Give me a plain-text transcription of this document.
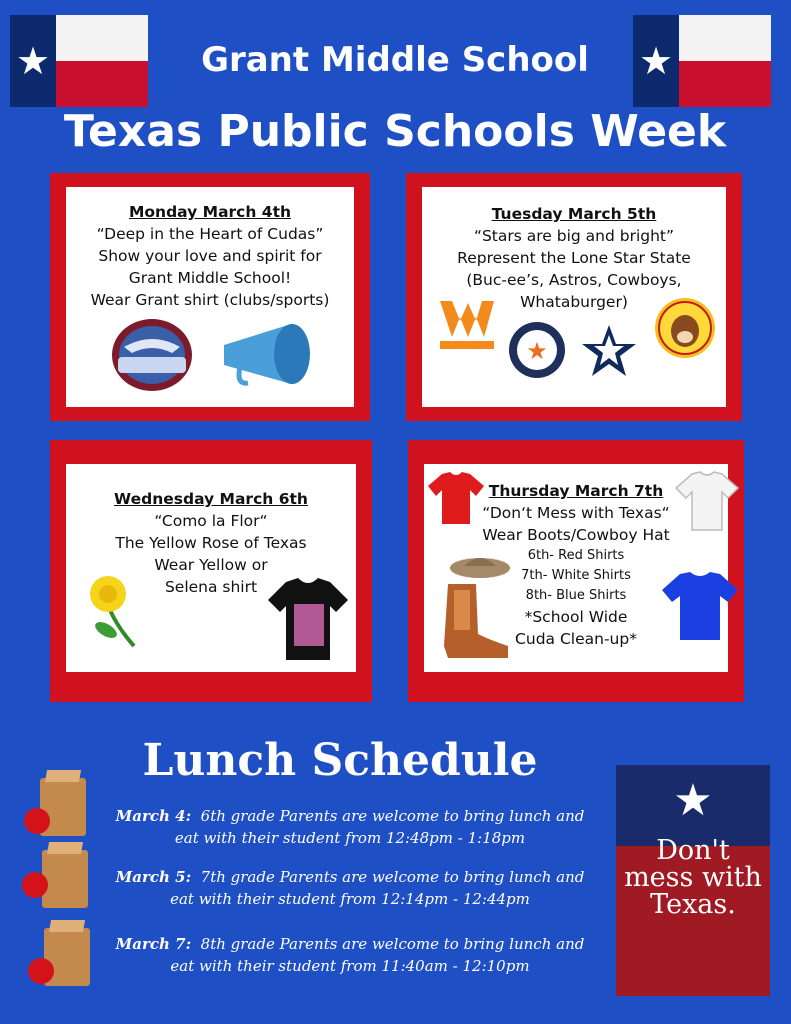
★	★
Grant Middle School
Texas Public Schools Week
Monday March 4th
“Deep in the Heart of Cudas”
Show your love and spirit for
Grant Middle School!
Wear Grant shirt (clubs/sports)
Tuesday March 5th
“Stars are big and bright”
Represent the Lone Star State
(Buc-ee’s, Astros, Cowboys,
Whataburger)
★
Wednesday March 6th
“Como la Flor“
The Yellow Rose of Texas
Wear Yellow or
Selena shirt
Thursday March 7th
“Don‘t Mess with Texas“
Wear Boots/Cowboy Hat
6th- Red Shirts
7th- White Shirts
8th- Blue Shirts
*School Wide
Cuda Clean-up*
Lunch Schedule
March 4: 6th grade Parents are welcome to bring lunch and
eat with their student from 12:48pm - 1:18pm
March 5: 7th grade Parents are welcome to bring lunch and
eat with their student from 12:14pm - 12:44pm
March 7: 8th grade Parents are welcome to bring lunch and
eat with their student from 11:40am - 12:10pm
★
Don't mess with Texas.
